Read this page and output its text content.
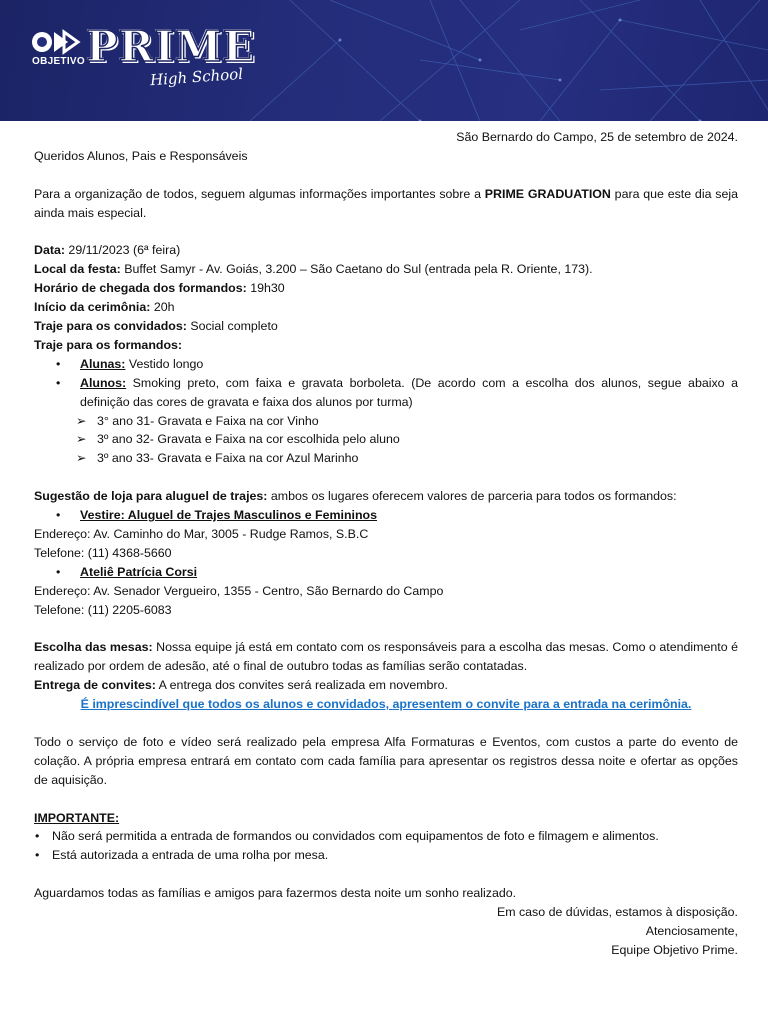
OBJETIVO PRIME
High School
São Bernardo do Campo, 25 de setembro de 2024.
Queridos Alunos, Pais e Responsáveis
Para a organização de todos, seguem algumas informações importantes sobre a PRIME GRADUATION para que este dia seja ainda mais especial.
Data: 29/11/2023 (6ª feira)
Local da festa: Buffet Samyr - Av. Goiás, 3.200 – São Caetano do Sul (entrada pela R. Oriente, 173).
Horário de chegada dos formandos: 19h30
Início da cerimônia: 20h
Traje para os convidados: Social completo
Traje para os formandos:
• Alunas: Vestido longo
• Alunos: Smoking preto, com faixa e gravata borboleta. (De acordo com a escolha dos alunos, segue abaixo a definição das cores de gravata e faixa dos alunos por turma)
➢ 3° ano 31- Gravata e Faixa na cor Vinho
➢ 3º ano 32- Gravata e Faixa na cor escolhida pelo aluno
➢ 3º ano 33- Gravata e Faixa na cor Azul Marinho
Sugestão de loja para aluguel de trajes: ambos os lugares oferecem valores de parceria para todos os formandos:
• Vestire: Aluguel de Trajes Masculinos e Femininos
Endereço: Av. Caminho do Mar, 3005 - Rudge Ramos, S.B.C
Telefone: (11) 4368-5660
• Ateliê Patrícia Corsi
Endereço: Av. Senador Vergueiro, 1355 - Centro, São Bernardo do Campo
Telefone: (11) 2205-6083
Escolha das mesas: Nossa equipe já está em contato com os responsáveis para a escolha das mesas. Como o atendimento é realizado por ordem de adesão, até o final de outubro todas as famílias serão contatadas.
Entrega de convites: A entrega dos convites será realizada em novembro.
É imprescindível que todos os alunos e convidados, apresentem o convite para a entrada na cerimônia.
Todo o serviço de foto e vídeo será realizado pela empresa Alfa Formaturas e Eventos, com custos a parte do evento de colação. A própria empresa entrará em contato com cada família para apresentar os registros dessa noite e ofertar as opções de aquisição.
IMPORTANTE:
• Não será permitida a entrada de formandos ou convidados com equipamentos de foto e filmagem e alimentos.
• Está autorizada a entrada de uma rolha por mesa.
Aguardamos todas as famílias e amigos para fazermos desta noite um sonho realizado.
Em caso de dúvidas, estamos à disposição.
Atenciosamente,
Equipe Objetivo Prime.
